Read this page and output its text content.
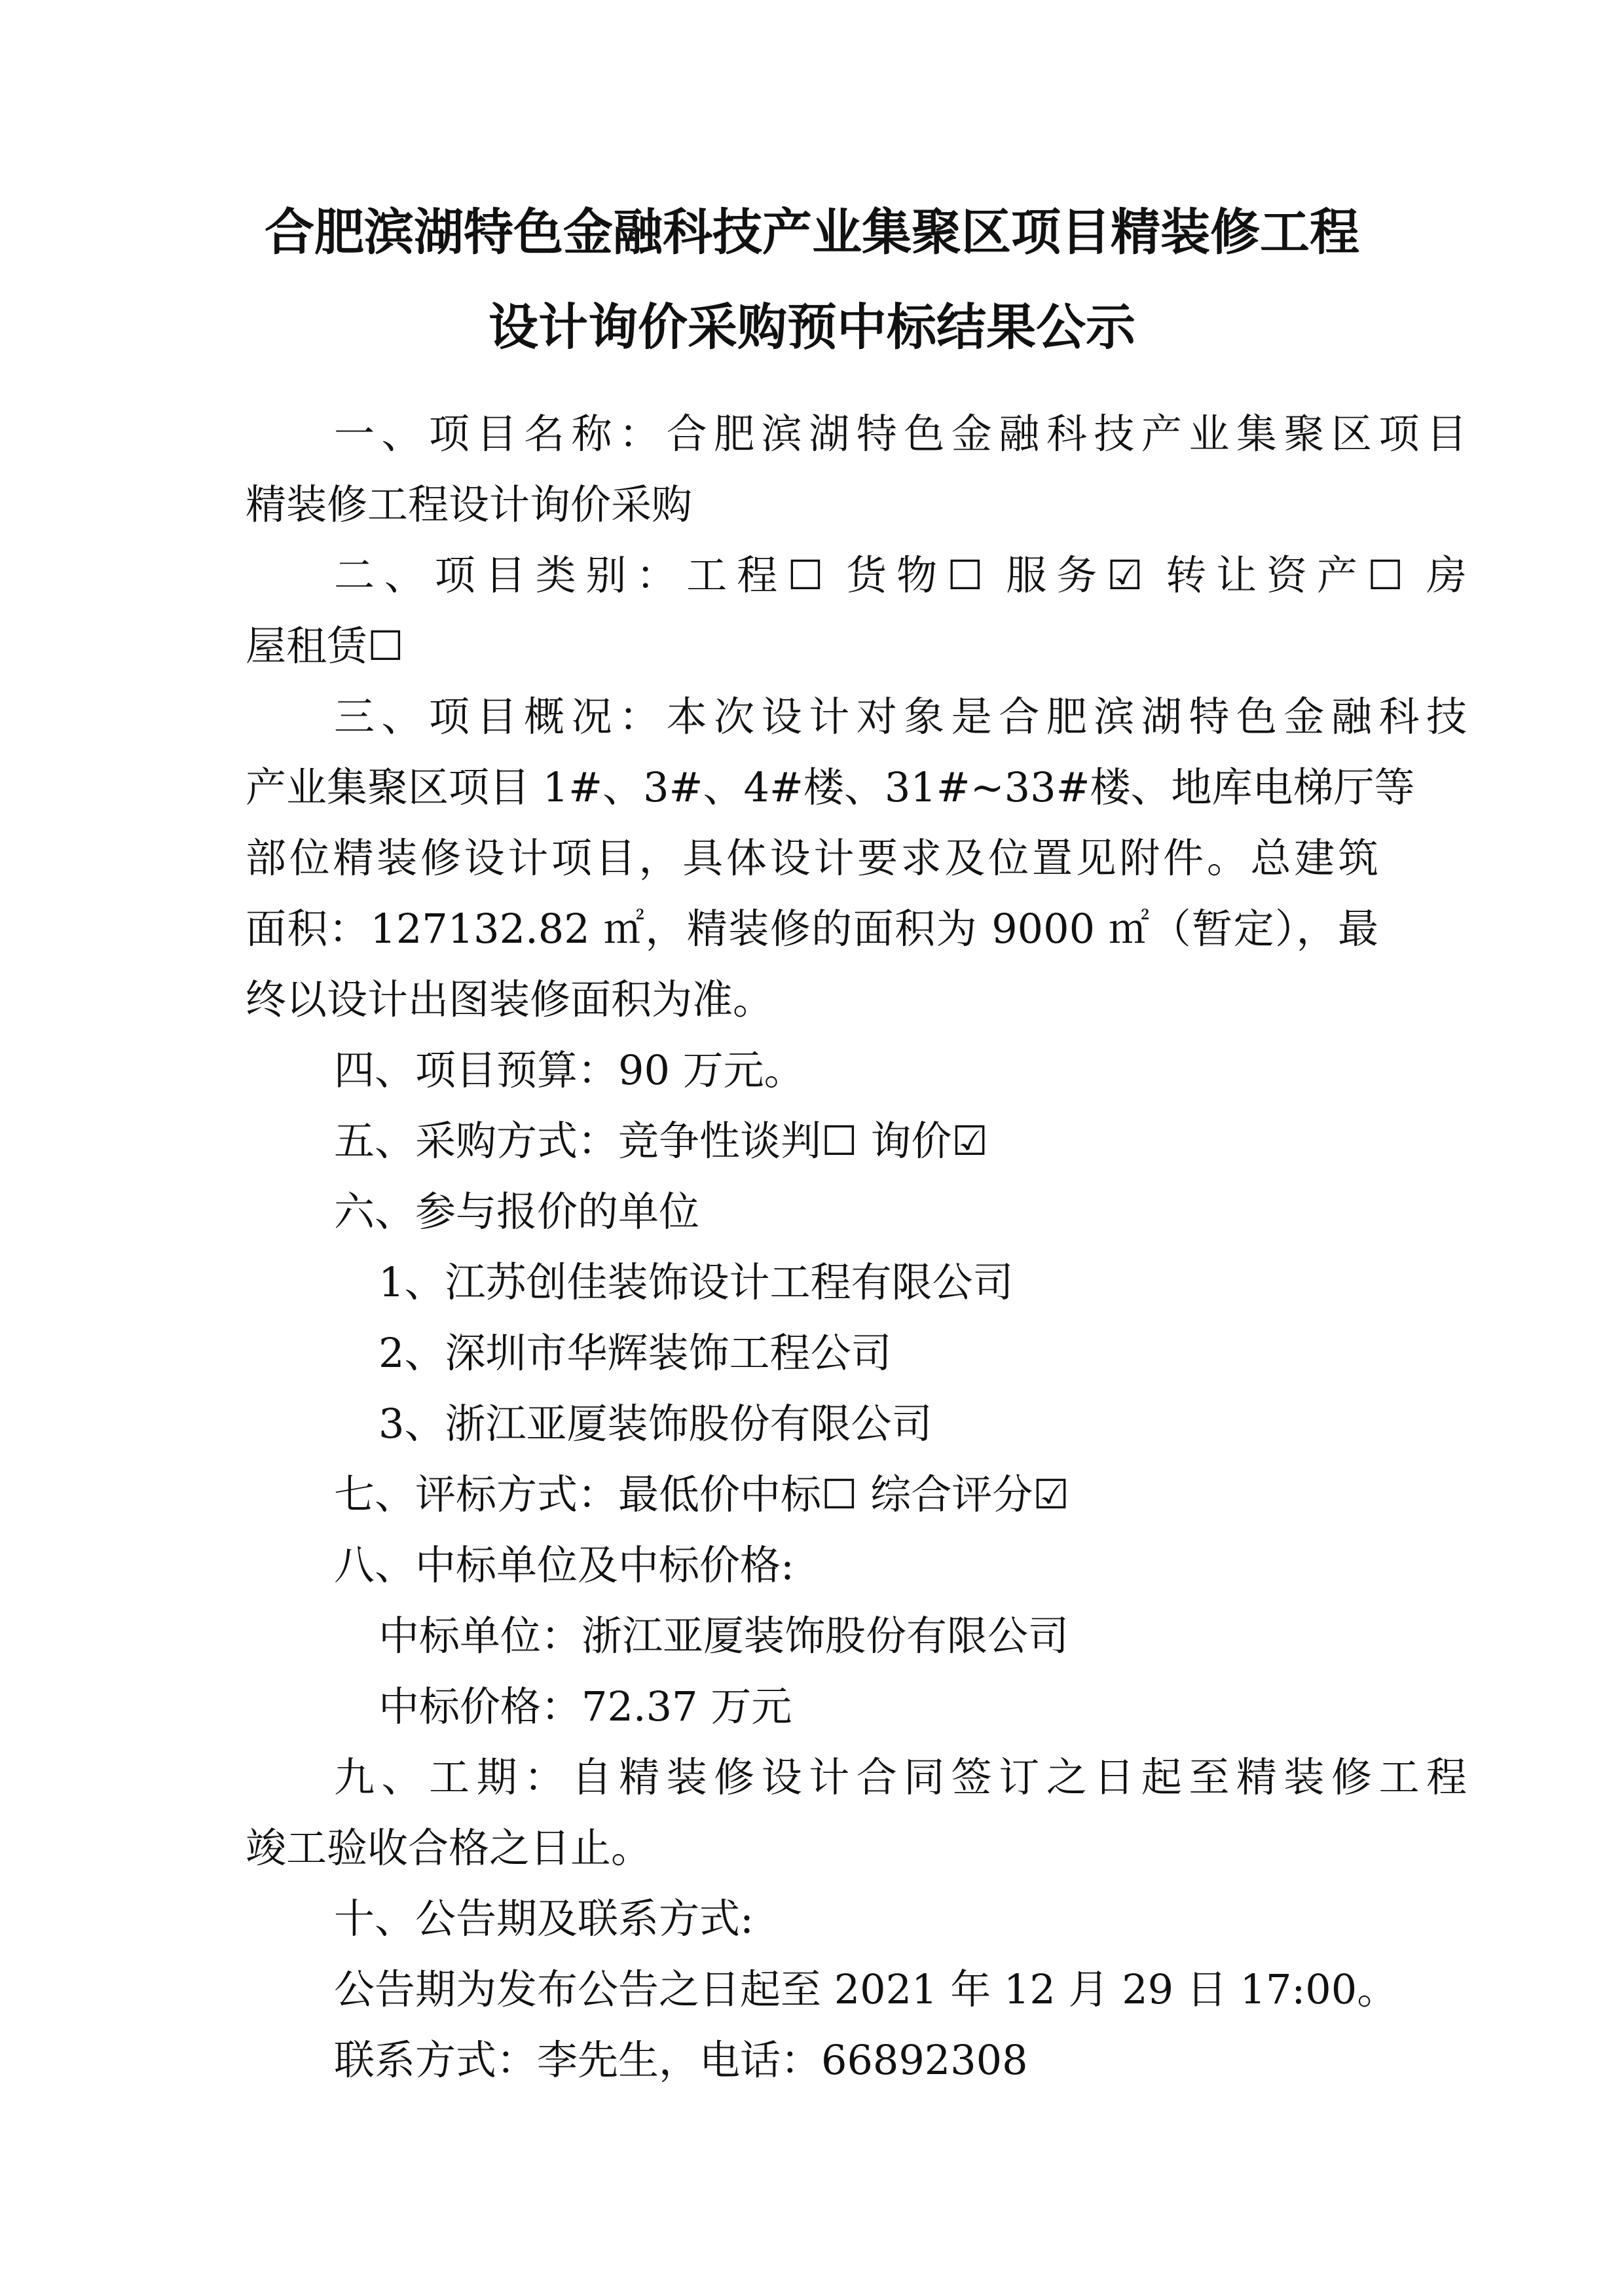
合肥滨湖特色金融科技产业集聚区项目精装修工程
设计询价采购预中标结果公示
一、项目名称：合肥滨湖特色金融科技产业集聚区项目
精装修工程设计询价采购
二、项目类别：工程☐ 货物☐ 服务☑ 转让资产☐ 房
屋租赁☐
三、项目概况：本次设计对象是合肥滨湖特色金融科技
产业集聚区项目 1#、3#、4#楼、31#~33#楼、地库电梯厅等
部位精装修设计项目，具体设计要求及位置见附件。总建筑
面积：127132.82 ㎡，精装修的面积为 9000 ㎡（暂定），最
终以设计出图装修面积为准。
四、项目预算：90 万元。
五、采购方式：竞争性谈判☐ 询价☑
六、参与报价的单位
1、江苏创佳装饰设计工程有限公司
2、深圳市华辉装饰工程公司
3、浙江亚厦装饰股份有限公司
七、评标方式：最低价中标☐ 综合评分☑
八、中标单位及中标价格:
中标单位：浙江亚厦装饰股份有限公司
中标价格：72.37 万元
九、工期：自精装修设计合同签订之日起至精装修工程
竣工验收合格之日止。
十、公告期及联系方式:
公告期为发布公告之日起至 2021 年 12 月 29 日 17:00。
联系方式：李先生，电话：66892308
